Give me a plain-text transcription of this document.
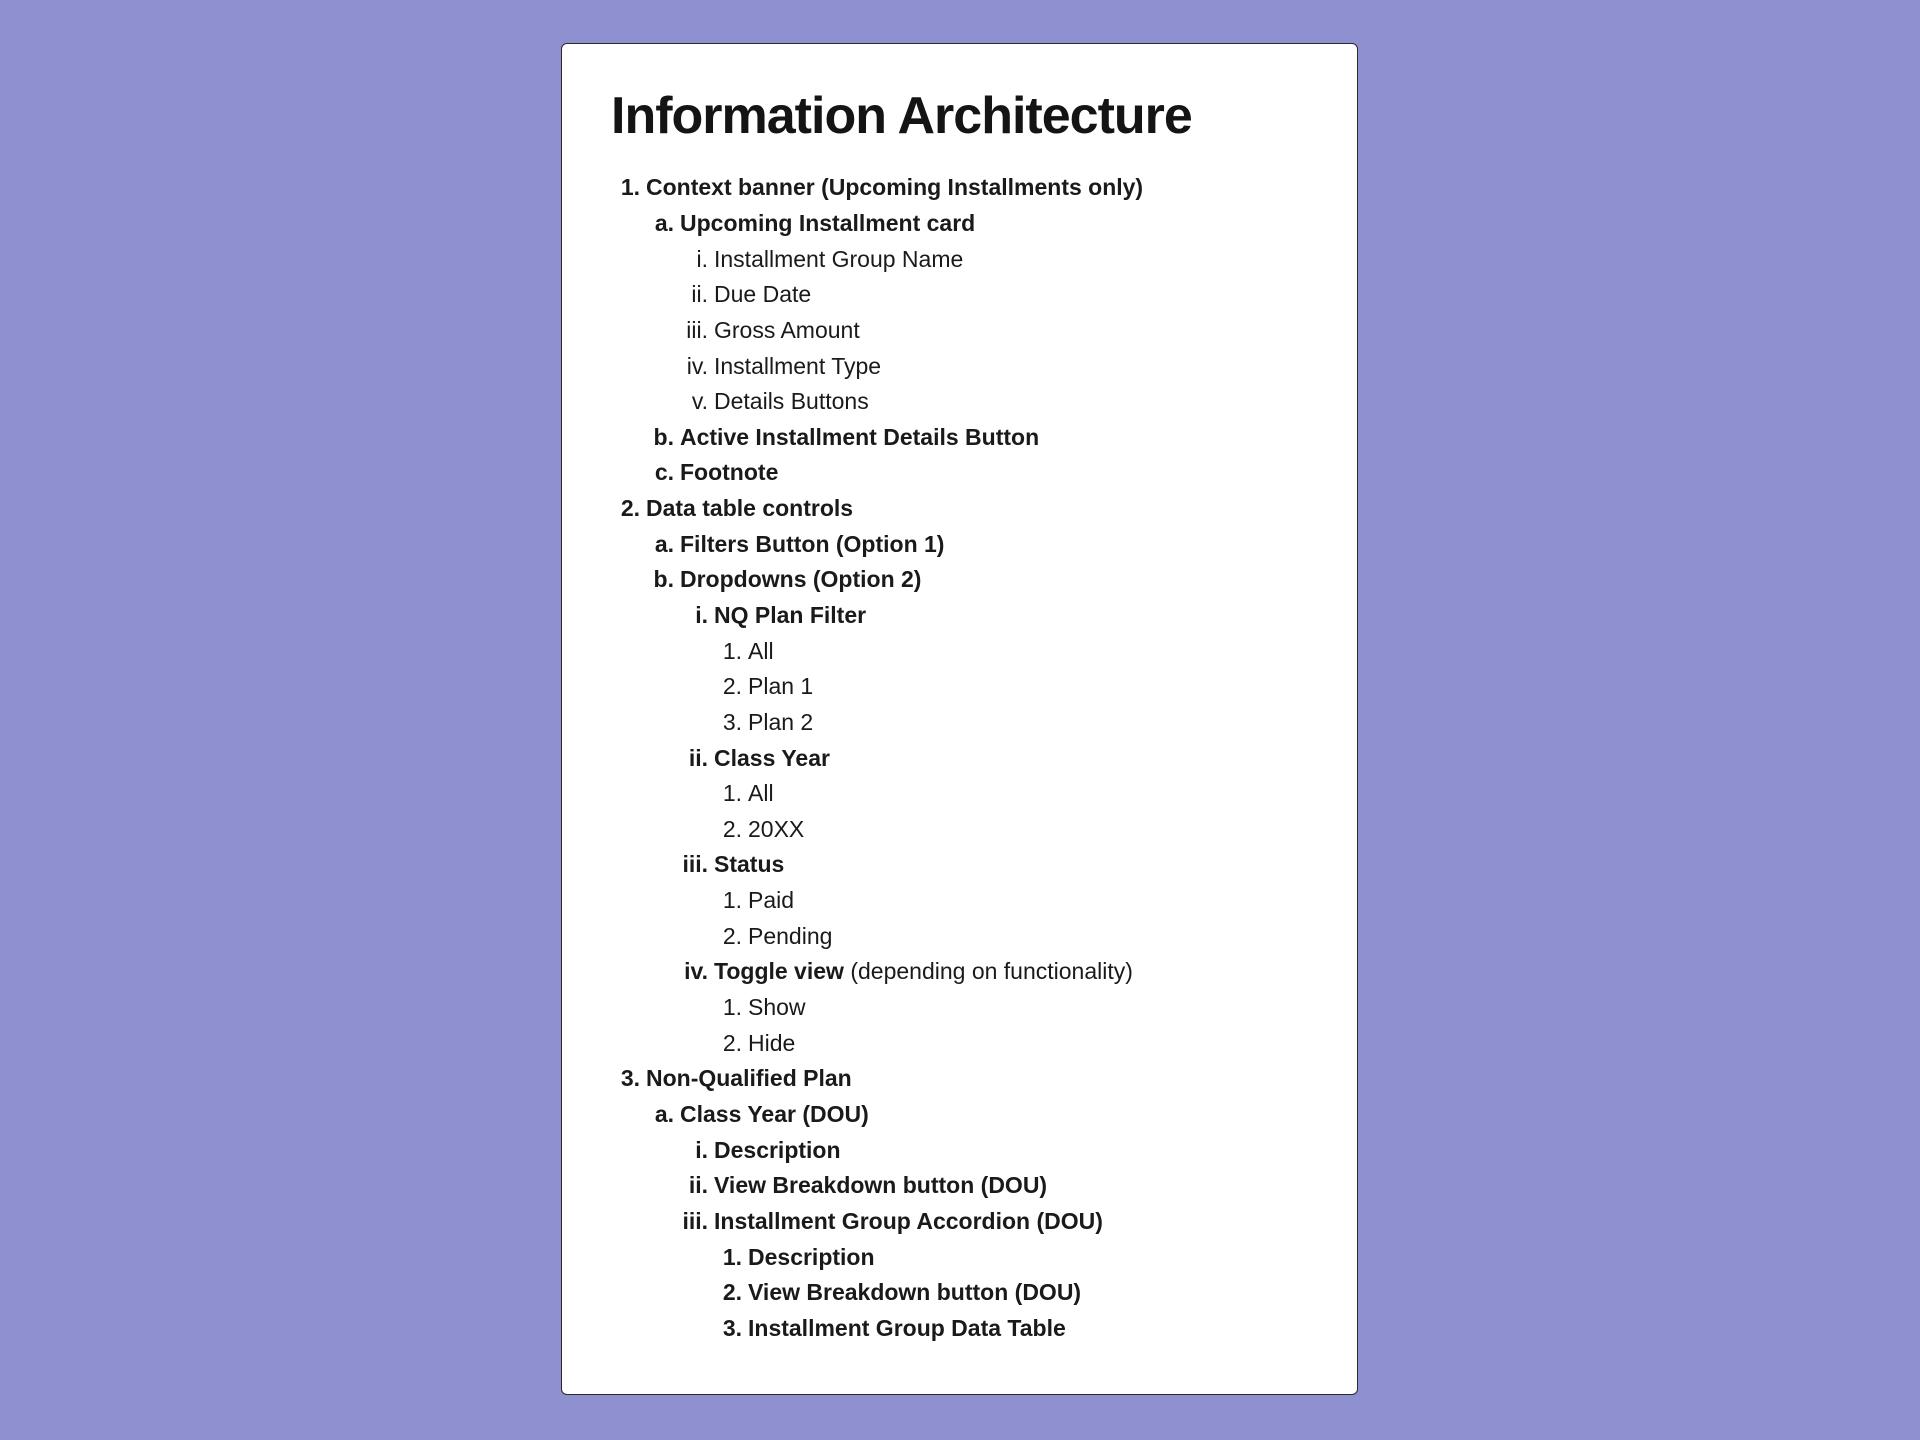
Information Architecture
1. Context banner (Upcoming Installments only)
a. Upcoming Installment card
i. Installment Group Name
ii. Due Date
iii. Gross Amount
iv. Installment Type
v. Details Buttons
b. Active Installment Details Button
c. Footnote
2. Data table controls
a. Filters Button (Option 1)
b. Dropdowns (Option 2)
i. NQ Plan Filter
1. All
2. Plan 1
3. Plan 2
ii. Class Year
1. All
2. 20XX
iii. Status
1. Paid
2. Pending
iv. Toggle view (depending on functionality)
1. Show
2. Hide
3. Non-Qualified Plan
a. Class Year (DOU)
i. Description
ii. View Breakdown button (DOU)
iii. Installment Group Accordion (DOU)
1. Description
2. View Breakdown button (DOU)
3. Installment Group Data Table
